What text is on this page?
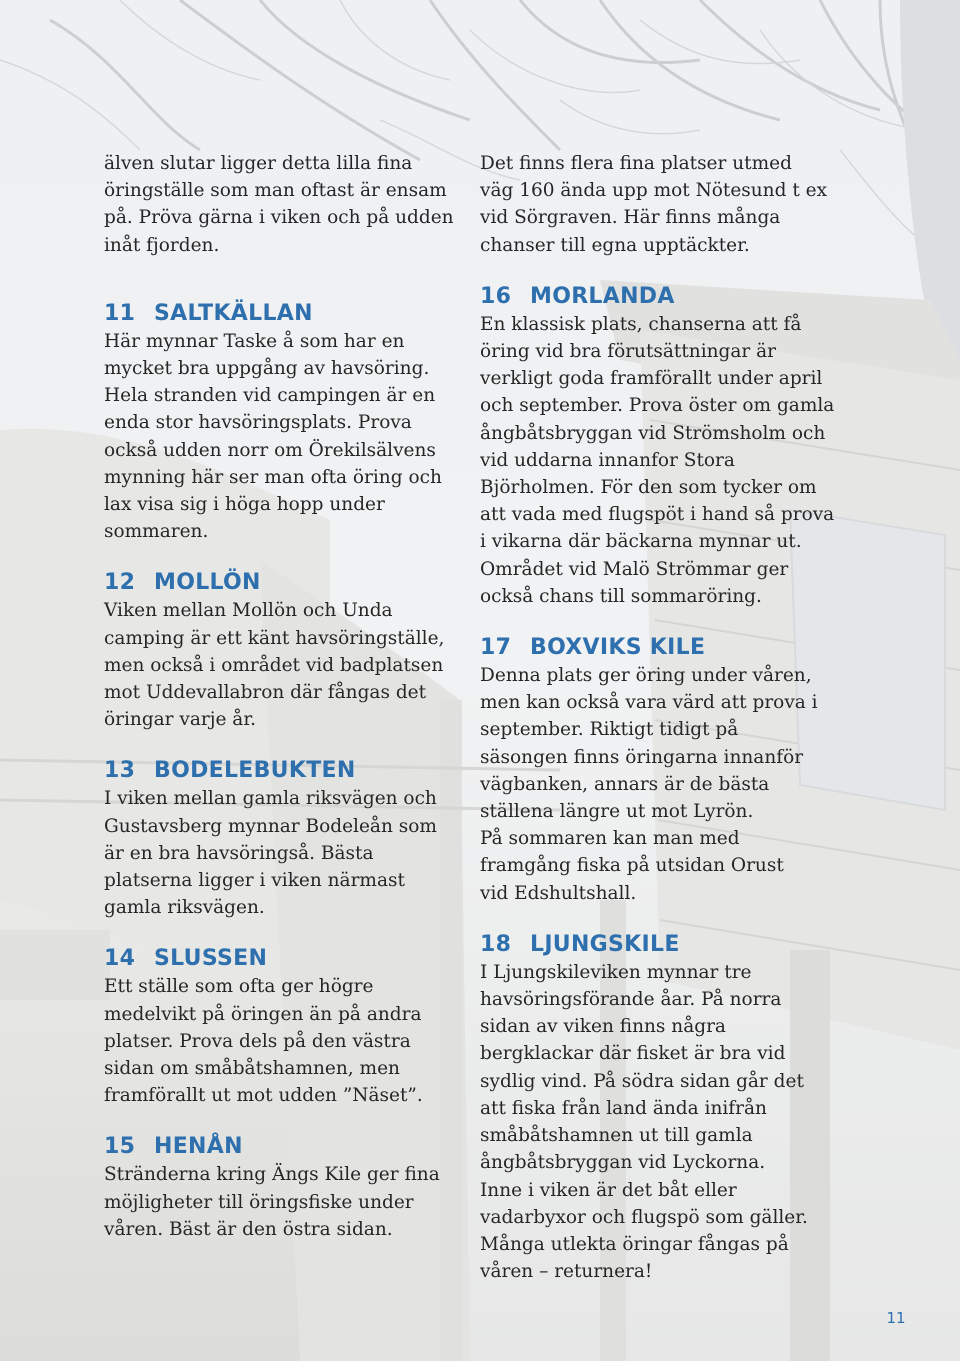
älven slutar ligger detta lilla fina öringställe som man oftast är ensam på. Pröva gärna i viken och på udden inåt fjorden.

11 SALTKÄLLAN

Här mynnar Taske å som har en mycket bra uppgång av havsöring. Hela stranden vid campingen är en enda stor havsöringsplats. Prova också udden norr om Örekilsälvens mynning här ser man ofta öring och lax visa sig i höga hopp under sommaren.

12 MOLLÖN

Viken mellan Mollön och Unda camping är ett känt havsöringställe, men också i området vid badplatsen mot Uddevallabron där fångas det öringar varje år.

13 BODELEBUKTEN

I viken mellan gamla riksvägen och Gustavsberg mynnar Bodeleån som är en bra havsöringså. Bästa platserna ligger i viken närmast gamla riksvägen.

14 SLUSSEN

Ett ställe som ofta ger högre medelvikt på öringen än på andra platser. Prova dels på den västra sidan om småbåtshamnen, men framförallt ut mot udden ”Näset”.

15 HENÅN

Stränderna kring Ängs Kile ger fina möjligheter till öringsfiske under våren. Bäst är den östra sidan.

Det finns flera fina platser utmed väg 160 ända upp mot Nötesund t ex vid Sörgraven. Här finns många chanser till egna upptäckter.

16 MORLANDA

En klassisk plats, chanserna att få öring vid bra förutsättningar är verkligt goda framförallt under april och september. Prova öster om gamla ångbåtsbryggan vid Strömsholm och vid uddarna innanfor Stora Björholmen. För den som tycker om att vada med flugspöt i hand så prova i vikarna där bäckarna mynnar ut. Området vid Malö Strömmar ger också chans till sommaröring.

17 BOXVIKS KILE

Denna plats ger öring under våren, men kan också vara värd att prova i september. Riktigt tidigt på säsongen finns öringarna innanför vägbanken, annars är de bästa ställena längre ut mot Lyrön.

På sommaren kan man med framgång fiska på utsidan Orust vid Edshultshall.

18 LJUNGSKILE

I Ljungskileviken mynnar tre havsöringsförande åar. På norra sidan av viken finns några bergklackar där fisket är bra vid sydlig vind. På södra sidan går det att fiska från land ända inifrån småbåtshamnen ut till gamla ångbåtsbryggan vid Lyckorna.

Inne i viken är det båt eller vadarbyxor och flugspö som gäller. Många utlekta öringar fångas på våren – returnera!

11
